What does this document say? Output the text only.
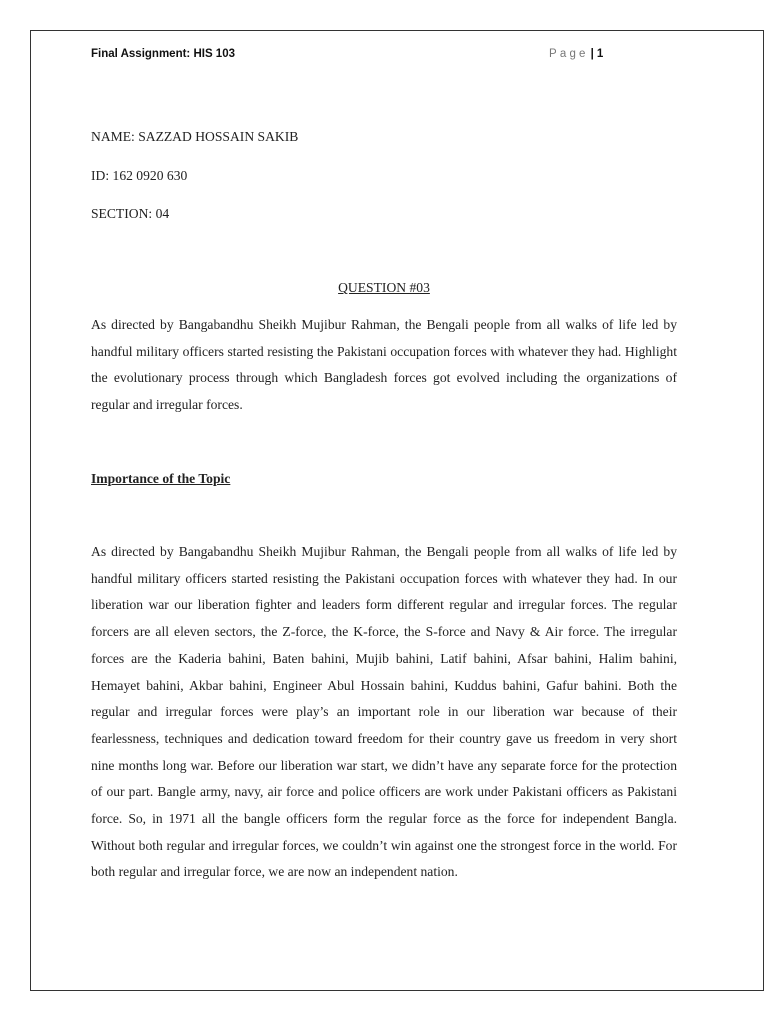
Final Assignment: HIS 103	Page | 1

NAME: SAZZAD HOSSAIN SAKIB

ID: 162 0920 630

SECTION: 04

QUESTION #03

As directed by Bangabandhu Sheikh Mujibur Rahman, the Bengali people from all walks of life led by handful military officers started resisting the Pakistani occupation forces with whatever they had. Highlight the evolutionary process through which Bangladesh forces got evolved including the organizations of regular and irregular forces.

Importance of the Topic

As directed by Bangabandhu Sheikh Mujibur Rahman, the Bengali people from all walks of life led by handful military officers started resisting the Pakistani occupation forces with whatever they had. In our liberation war our liberation fighter and leaders form different regular and irregular forces. The regular forcers are all eleven sectors, the Z-force, the K-force, the S-force and Navy & Air force. The irregular forces are the Kaderia bahini, Baten bahini, Mujib bahini, Latif bahini, Afsar bahini, Halim bahini, Hemayet bahini, Akbar bahini, Engineer Abul Hossain bahini, Kuddus bahini, Gafur bahini. Both the regular and irregular forces were play’s an important role in our liberation war because of their fearlessness, techniques and dedication toward freedom for their country gave us freedom in very short nine months long war. Before our liberation war start, we didn’t have any separate force for the protection of our part. Bangle army, navy, air force and police officers are work under Pakistani officers as Pakistani force. So, in 1971 all the bangle officers form the regular force as the force for independent Bangla. Without both regular and irregular forces, we couldn’t win against one the strongest force in the world. For both regular and irregular force, we are now an independent nation.
